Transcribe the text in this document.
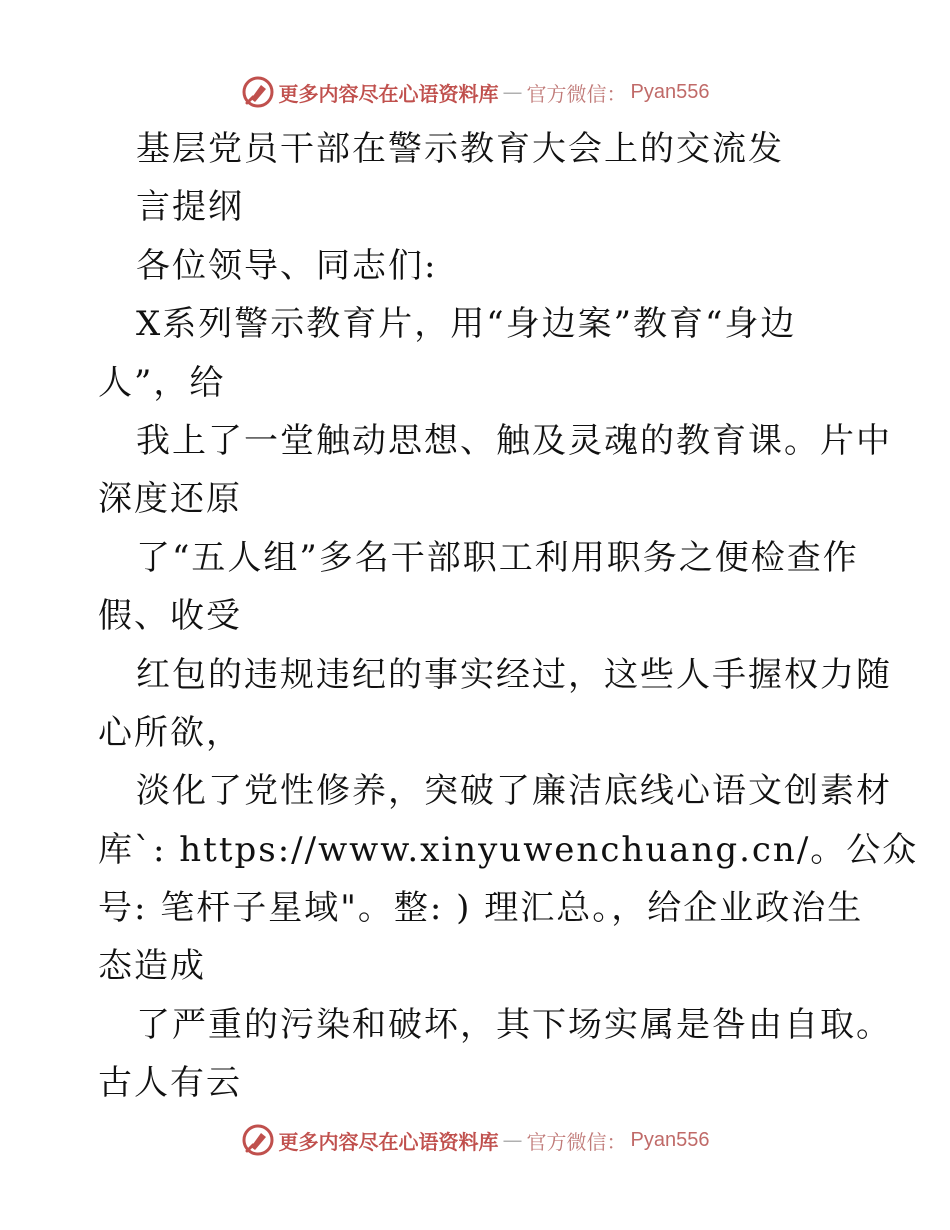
更多内容尽在心语资料库 — 官方微信： Pyan556
基层党员干部在警示教育大会上的交流发
言提纲
各位领导、同志们:
X系列警示教育片，用“身边案”教育“身边
人”，给
我上了一堂触动思想、触及灵魂的教育课。片中
深度还原
了“五人组”多名干部职工利用职务之便检查作
假、收受
红包的违规违纪的事实经过，这些人手握权力随
心所欲，
淡化了党性修养，突破了廉洁底线心语文创素材
库`: https://www.xinyuwenchuang.cn/。公众
号: 笔杆子星域"。整: ) 理汇总。，给企业政治生
态造成
了严重的污染和破坏，其下场实属是咎由自取。
古人有云
更多内容尽在心语资料库 — 官方微信： Pyan556
